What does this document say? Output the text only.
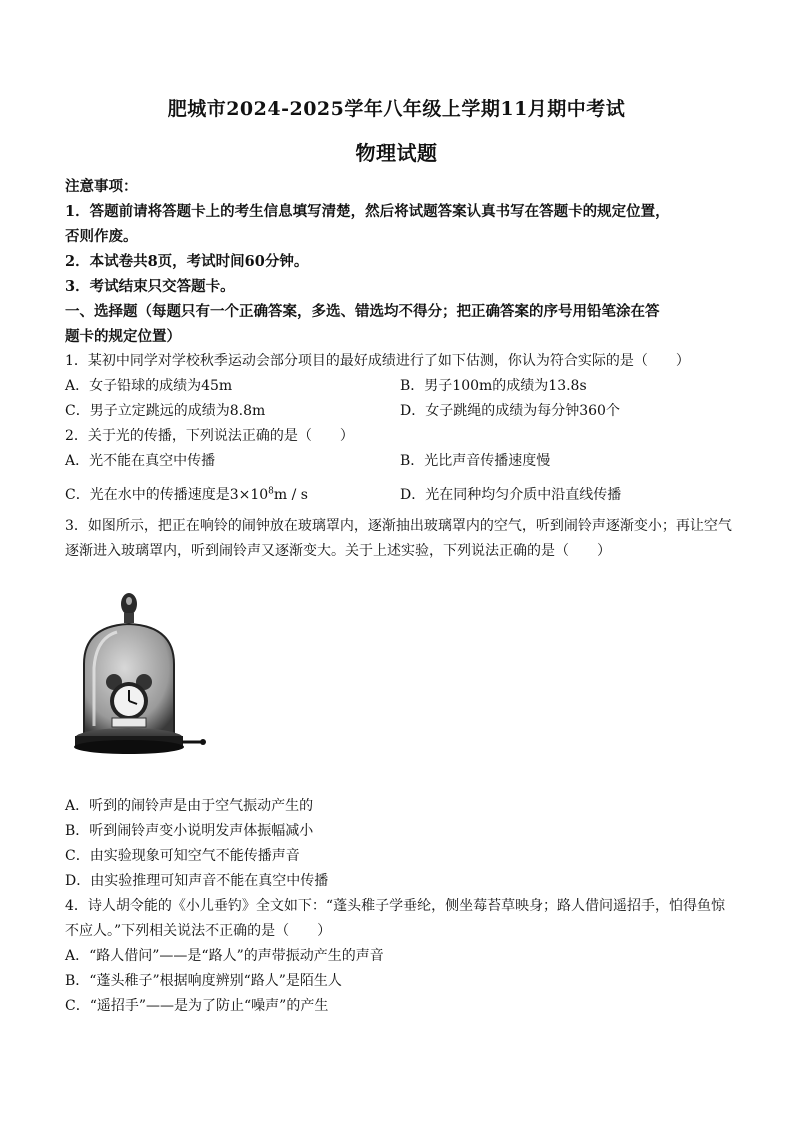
肥城市2024-2025学年八年级上学期11月期中考试
物理试题
注意事项：
1．答题前请将答题卡上的考生信息填写清楚，然后将试题答案认真书写在答题卡的规定位置，
否则作废。
2．本试卷共8页，考试时间60分钟。
3．考试结束只交答题卡。
一、选择题（每题只有一个正确答案，多选、错选均不得分；把正确答案的序号用铅笔涂在答
题卡的规定位置）
1．某初中同学对学校秋季运动会部分项目的最好成绩进行了如下估测，你认为符合实际的是（　　）
A．女子铅球的成绩为45m	B．男子100m的成绩为13.8s
C．男子立定跳远的成绩为8.8m	D．女子跳绳的成绩为每分钟360个
2．关于光的传播，下列说法正确的是（　　）
A．光不能在真空中传播	B．光比声音传播速度慢
C．光在水中的传播速度是$3\times 10^8m / s$	D．光在同种均匀介质中沿直线传播
3．如图所示，把正在响铃的闹钟放在玻璃罩内，逐渐抽出玻璃罩内的空气，听到闹铃声逐渐变小；再让空气
逐渐进入玻璃罩内，听到闹铃声又逐渐变大。关于上述实验，下列说法正确的是（　　）
A．听到的闹铃声是由于空气振动产生的
B．听到闹铃声变小说明发声体振幅减小
C．由实验现象可知空气不能传播声音
D．由实验推理可知声音不能在真空中传播
4．诗人胡令能的《小儿垂钓》全文如下：“蓬头稚子学垂纶，侧坐莓苔草映身；路人借问遥招手，怕得鱼惊
不应人。”下列相关说法不正确的是（　　）
A．“路人借问”——是“路人”的声带振动产生的声音
B．“蓬头稚子”根据响度辨别“路人”是陌生人
C．“遥招手”——是为了防止“噪声”的产生
